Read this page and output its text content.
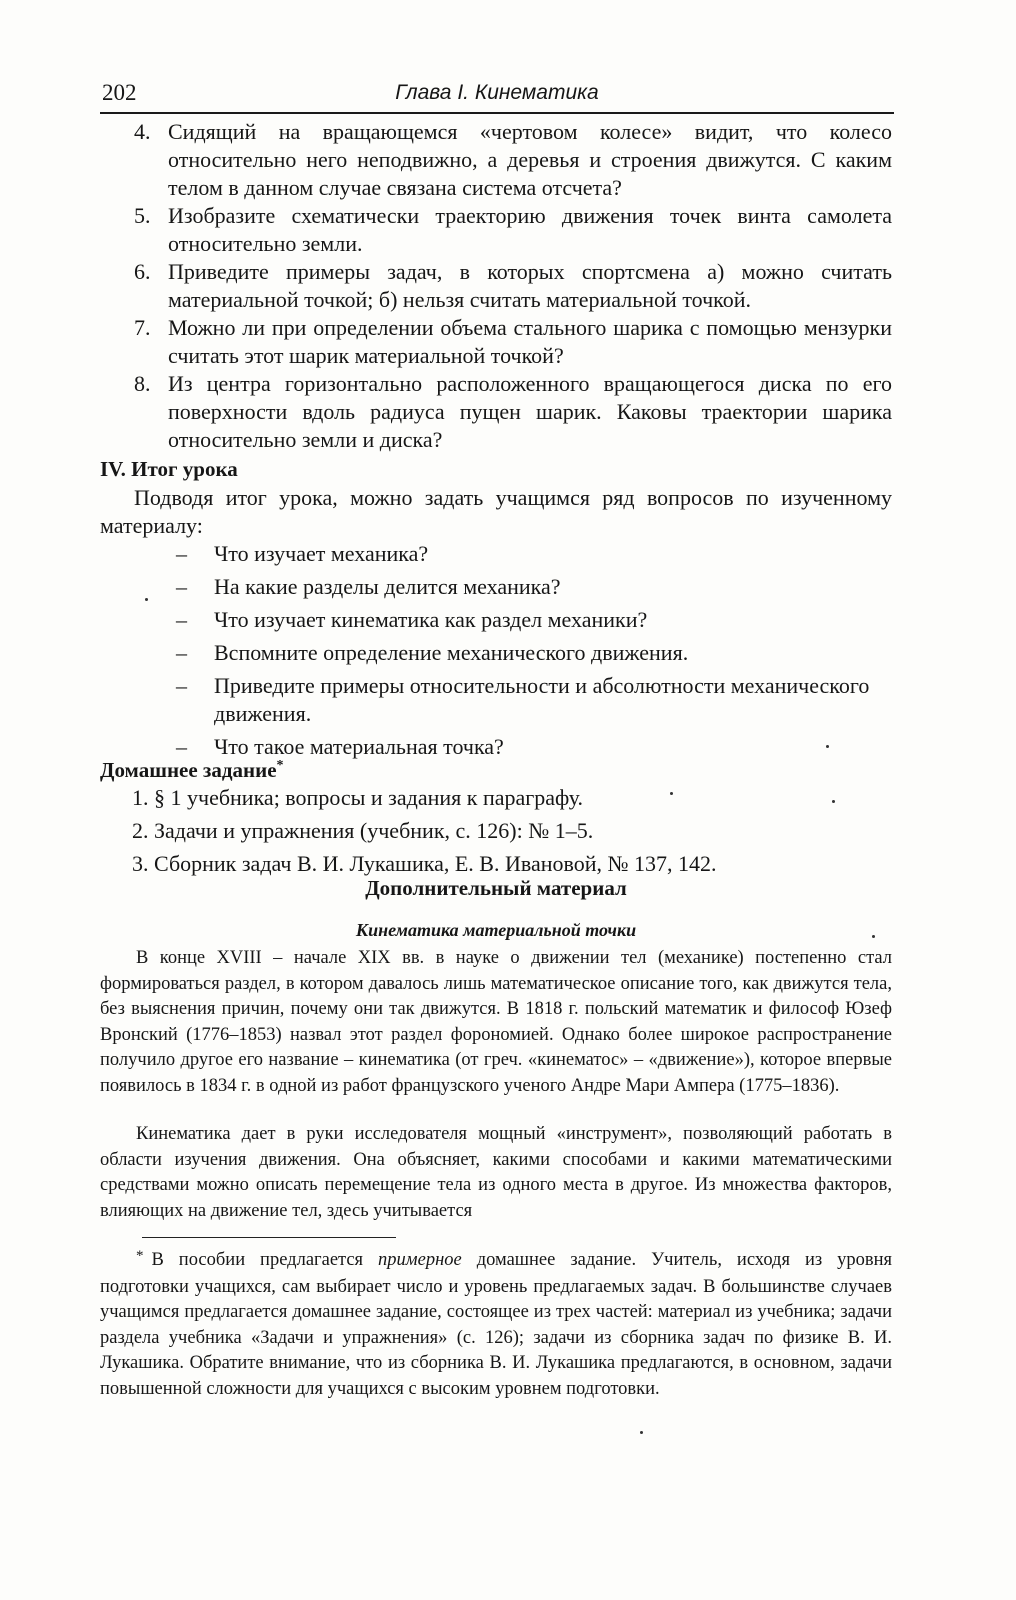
202	Глава I. Кинематика
4. Сидящий на вращающемся «чертовом колесе» видит, что колесо относительно него неподвижно, а деревья и строения движутся. С каким телом в данном случае связана система отсчета?
5. Изобразите схематически траекторию движения точек винта самолета относительно земли.
6. Приведите примеры задач, в которых спортсмена а) можно считать материальной точкой; б) нельзя считать материальной точкой.
7. Можно ли при определении объема стального шарика с помощью мензурки считать этот шарик материальной точкой?
8. Из центра горизонтально расположенного вращающегося диска по его поверхности вдоль радиуса пущен шарик. Каковы траектории шарика относительно земли и диска?
IV. Итог урока
Подводя итог урока, можно задать учащимся ряд вопросов по изученному материалу:
– Что изучает механика?
– На какие разделы делится механика?
– Что изучает кинематика как раздел механики?
– Вспомните определение механического движения.
– Приведите примеры относительности и абсолютности механического движения.
– Что такое материальная точка?
Домашнее задание*
1. § 1 учебника; вопросы и задания к параграфу.
2. Задачи и упражнения (учебник, с. 126): № 1–5.
3. Сборник задач В. И. Лукашика, Е. В. Ивановой, № 137, 142.
Дополнительный материал
Кинематика материальной точки
В конце XVIII – начале XIX вв. в науке о движении тел (механике) постепенно стал формироваться раздел, в котором давалось лишь математическое описание того, как движутся тела, без выяснения причин, почему они так движутся. В 1818 г. польский математик и философ Юзеф Вронский (1776–1853) назвал этот раздел форономией. Однако более широкое распространение получило другое его название – кинематика (от греч. «кинематос» – «движение»), которое впервые появилось в 1834 г. в одной из работ французского ученого Андре Мари Ампера (1775–1836).
Кинематика дает в руки исследователя мощный «инструмент», позволяющий работать в области изучения движения. Она объясняет, какими способами и какими математическими средствами можно описать перемещение тела из одного места в другое. Из множества факторов, влияющих на движение тел, здесь учитывается
* В пособии предлагается примерное домашнее задание. Учитель, исходя из уровня подготовки учащихся, сам выбирает число и уровень предлагаемых задач. В большинстве случаев учащимся предлагается домашнее задание, состоящее из трех частей: материал из учебника; задачи раздела учебника «Задачи и упражнения» (с. 126); задачи из сборника задач по физике В. И. Лукашика. Обратите внимание, что из сборника В. И. Лукашика предлагаются, в основном, задачи повышенной сложности для учащихся с высоким уровнем подготовки.
